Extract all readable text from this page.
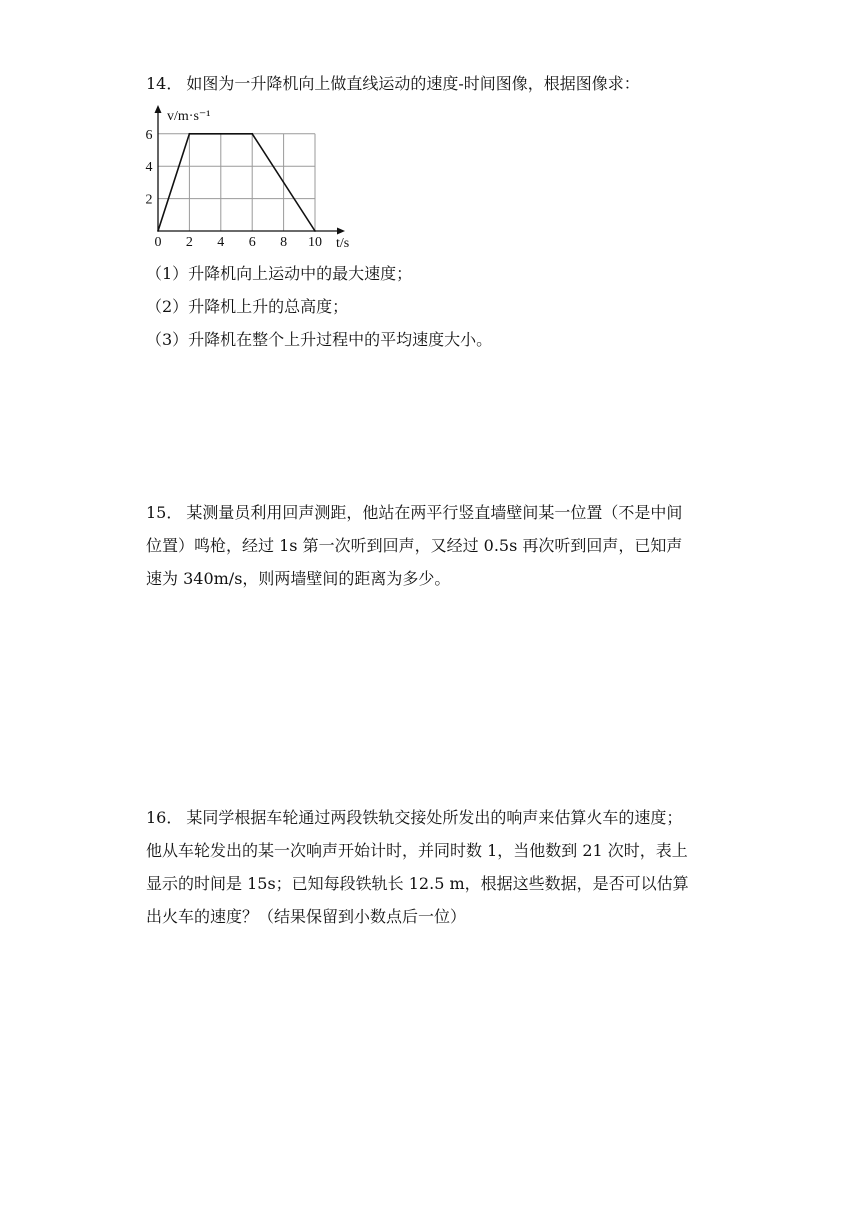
14． 如图为一升降机向上做直线运动的速度-时间图像，根据图像求：

0 2 4 6 8 10
2
4
6
v/m·s⁻¹
t/s

（1）升降机向上运动中的最大速度；

（2）升降机上升的总高度；

（3）升降机在整个上升过程中的平均速度大小。

15． 某测量员利用回声测距，他站在两平行竖直墙壁间某一位置（不是中间

位置）鸣枪，经过 1s 第一次听到回声，又经过 0.5s 再次听到回声，已知声

速为 340m/s，则两墙壁间的距离为多少。

16． 某同学根据车轮通过两段铁轨交接处所发出的响声来估算火车的速度；

他从车轮发出的某一次响声开始计时，并同时数 1，当他数到 21 次时，表上

显示的时间是 15s；已知每段铁轨长 12.5 m，根据这些数据，是否可以估算

出火车的速度？（结果保留到小数点后一位）
